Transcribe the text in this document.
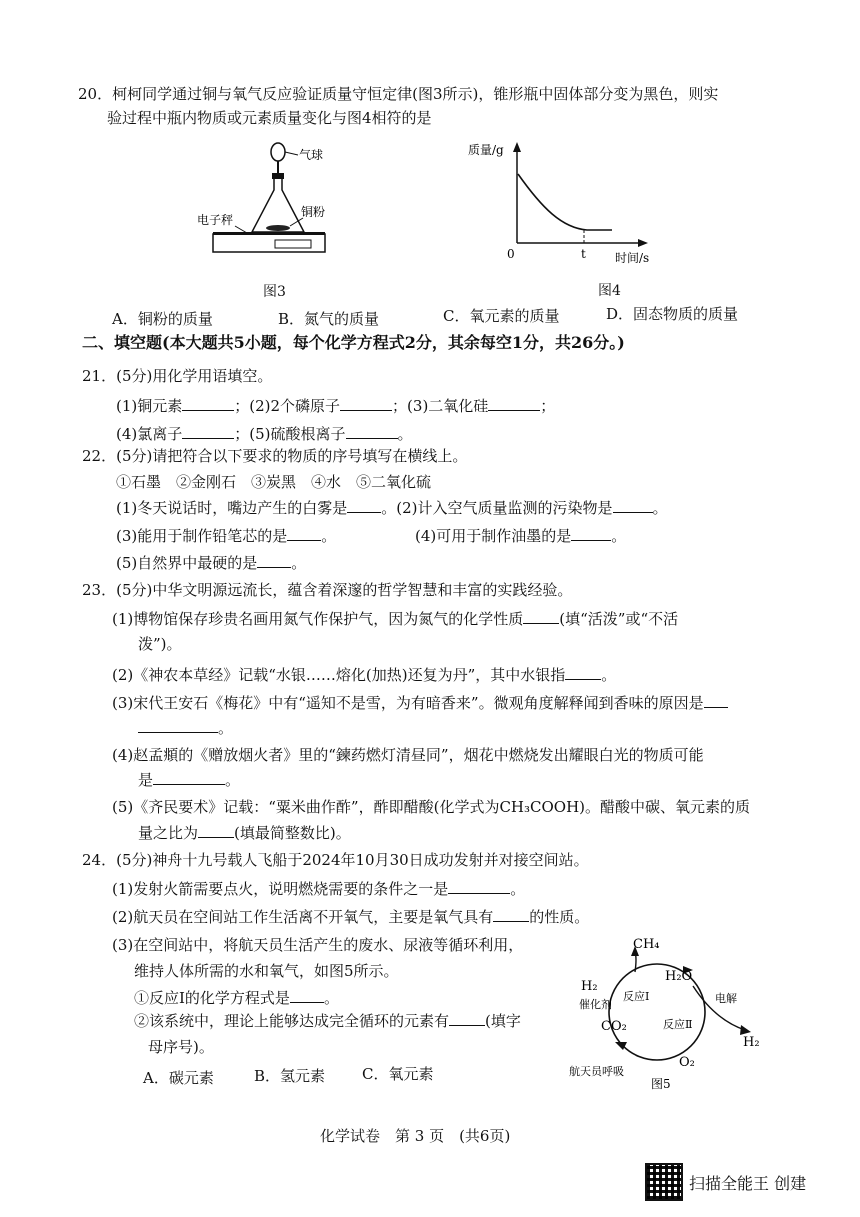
20．柯柯同学通过铜与氧气反应验证质量守恒定律(图3所示)，锥形瓶中固体部分变为黑色，则实
验过程中瓶内物质或元素质量变化与图4相符的是
气球
铜粉
电子秤
图3
质量/g
0	t 时间/s
图4
A．铜粉的质量	B．氮气的质量	C．氧元素的质量	D．固态物质的质量
二、填空题(本大题共5小题，每个化学方程式2分，其余每空1分，共26分。)
21．(5分)用化学用语填空。
(1)铜元素	；(2)2个磷原子	；(3)二氧化硅	；
(4)氯离子	；(5)硫酸根离子	。
22．(5分)请把符合以下要求的物质的序号填写在横线上。
①石墨　②金刚石　③炭黑　④水　⑤二氧化硫
(1)冬天说话时，嘴边产生的白雾是 。(2)计入空气质量监测的污染物是	。
(3)能用于制作铅笔芯的是 。	(4)可用于制作油墨的是	。
(5)自然界中最硬的是 。
23．(5分)中华文明源远流长，蕴含着深邃的哲学智慧和丰富的实践经验。
(1)博物馆保存珍贵名画用氮气作保护气，因为氮气的化学性质 (填“活泼”或“不活
泼”)。
(2)《神农本草经》记载“水银……熔化(加热)还复为丹”，其中水银指 。
(3)宋代王安石《梅花》中有“遥知不是雪，为有暗香来”。微观角度解释闻到香味的原因是
。
(4)赵孟頫的《赠放烟火者》里的“鍊药燃灯清昼同”，烟花中燃烧发出耀眼白光的物质可能
是	。
(5)《齐民要术》记载：“粟米曲作酢”，酢即醋酸(化学式为CH₃COOH)。醋酸中碳、氧元素的质
量之比为 (填最简整数比)。
24．(5分)神舟十九号载人飞船于2024年10月30日成功发射并对接空间站。
(1)发射火箭需要点火，说明燃烧需要的条件之一是	。
(2)航天员在空间站工作生活离不开氧气，主要是氧气具有 的性质。
(3)在空间站中，将航天员生活产生的废水、尿液等循环利用，
维持人体所需的水和氧气，如图5所示。
①反应Ⅰ的化学方程式是 。
②该系统中，理论上能够达成完全循环的元素有 (填字
母序号)。
A．碳元素	B．氢元素 C．氧元素
CH₄
H₂O
H₂
催化剂
反应Ⅰ
反应Ⅱ
电解
CO₂
H₂
O₂
航天员呼吸
图5
化学试卷　第 3 页　(共6页)
扫描全能王 创建
